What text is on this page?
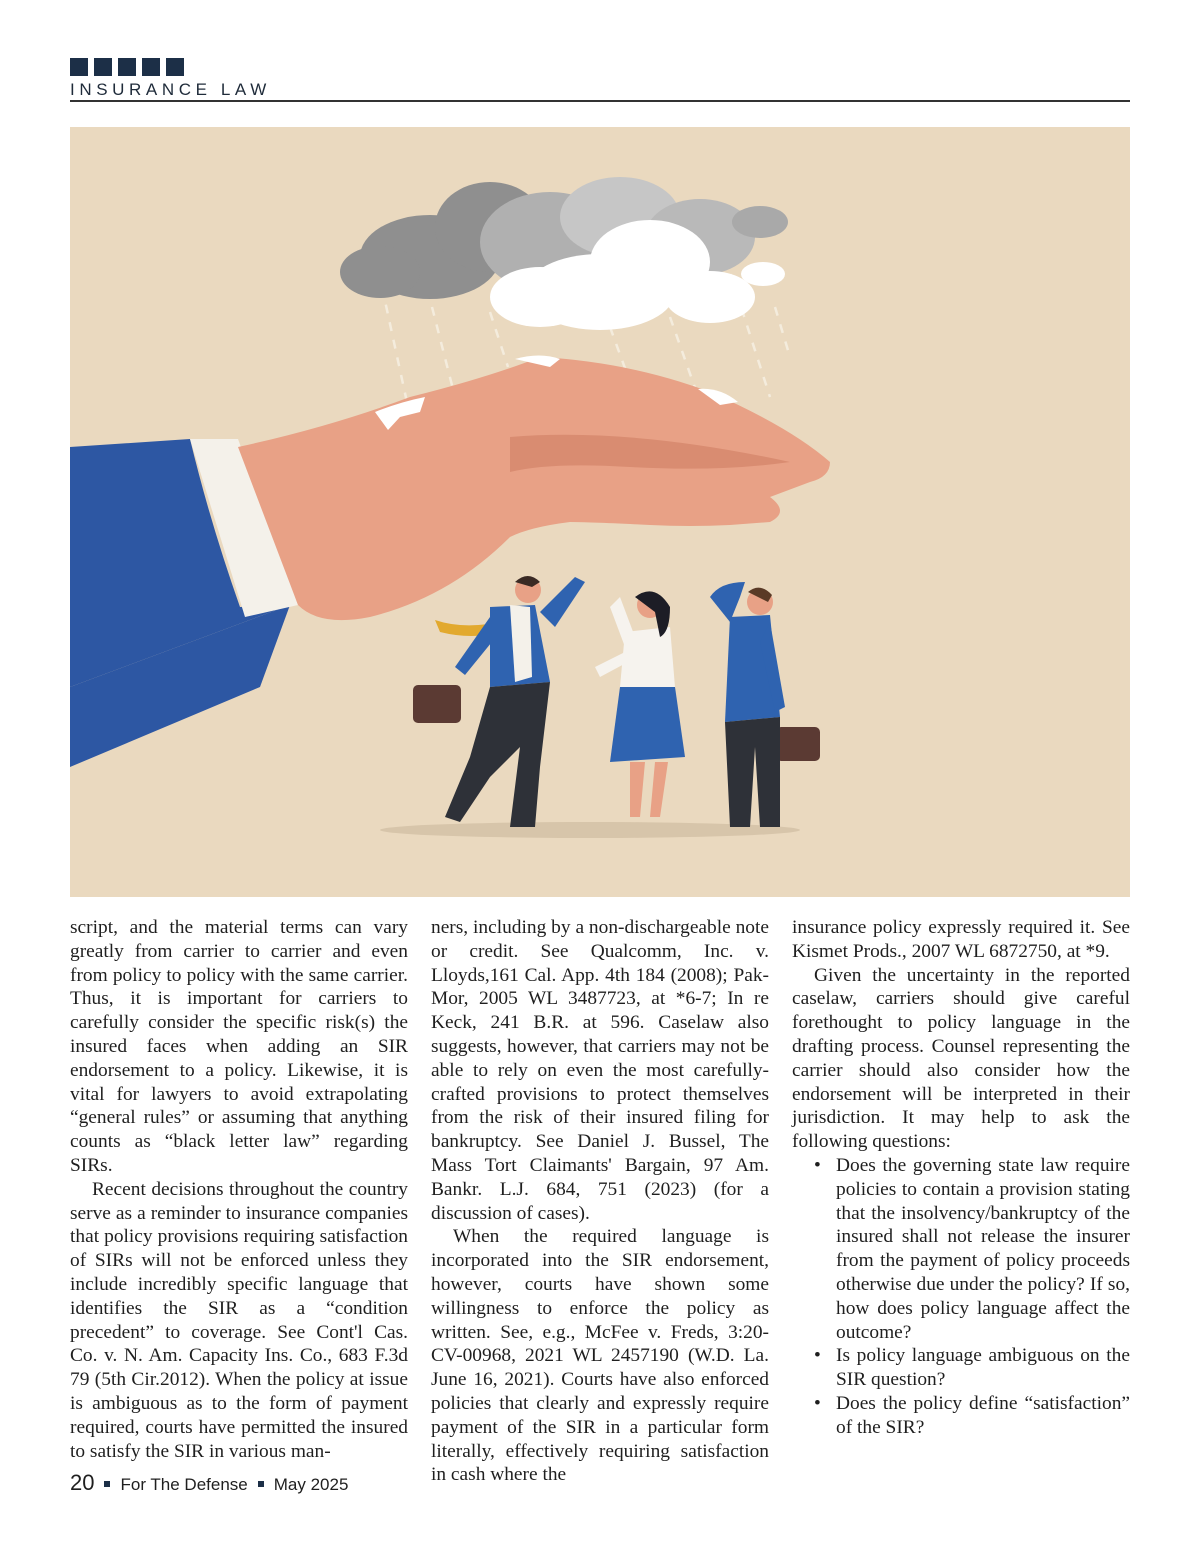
INSURANCE LAW

script, and the material terms can vary greatly from carrier to carrier and even from policy to policy with the same carrier. Thus, it is important for carriers to carefully consider the specific risk(s) the insured faces when adding an SIR endorsement to a policy. Likewise, it is vital for lawyers to avoid extrapolating “general rules” or assuming that anything counts as “black letter law” regarding SIRs.

Recent decisions throughout the country serve as a reminder to insurance companies that policy provisions requiring satisfaction of SIRs will not be enforced unless they include incredibly specific language that identifies the SIR as a “condition precedent” to coverage. See Cont'l Cas. Co. v. N. Am. Capacity Ins. Co., 683 F.3d 79 (5th Cir.2012). When the policy at issue is ambiguous as to the form of payment required, courts have permitted the insured to satisfy the SIR in various man-

ners, including by a non-dischargeable note or credit. See Qualcomm, Inc. v. Lloyds,161 Cal. App. 4th 184 (2008); Pak-Mor, 2005 WL 3487723, at *6-7; In re Keck, 241 B.R. at 596. Caselaw also suggests, however, that carriers may not be able to rely on even the most carefully-crafted provisions to protect themselves from the risk of their insured filing for bankruptcy. See Daniel J. Bussel, The Mass Tort Claimants' Bargain, 97 Am. Bankr. L.J. 684, 751 (2023) (for a discussion of cases).

When the required language is incorporated into the SIR endorsement, however, courts have shown some willingness to enforce the policy as written. See, e.g., McFee v. Freds, 3:20-CV-00968, 2021 WL 2457190 (W.D. La. June 16, 2021). Courts have also enforced policies that clearly and expressly require payment of the SIR in a particular form literally, effectively requiring satisfaction in cash where the

insurance policy expressly required it. See Kismet Prods., 2007 WL 6872750, at *9.

Given the uncertainty in the reported caselaw, carriers should give careful forethought to policy language in the drafting process. Counsel representing the carrier should also consider how the endorsement will be interpreted in their jurisdiction. It may help to ask the following questions:

• Does the governing state law require policies to contain a provision stating that the insolvency/bankruptcy of the insured shall not release the insurer from the payment of policy proceeds otherwise due under the policy? If so, how does policy language affect the outcome?
• Is policy language ambiguous on the SIR question?
• Does the policy define “satisfaction” of the SIR?
20 For The Defense May 2025
